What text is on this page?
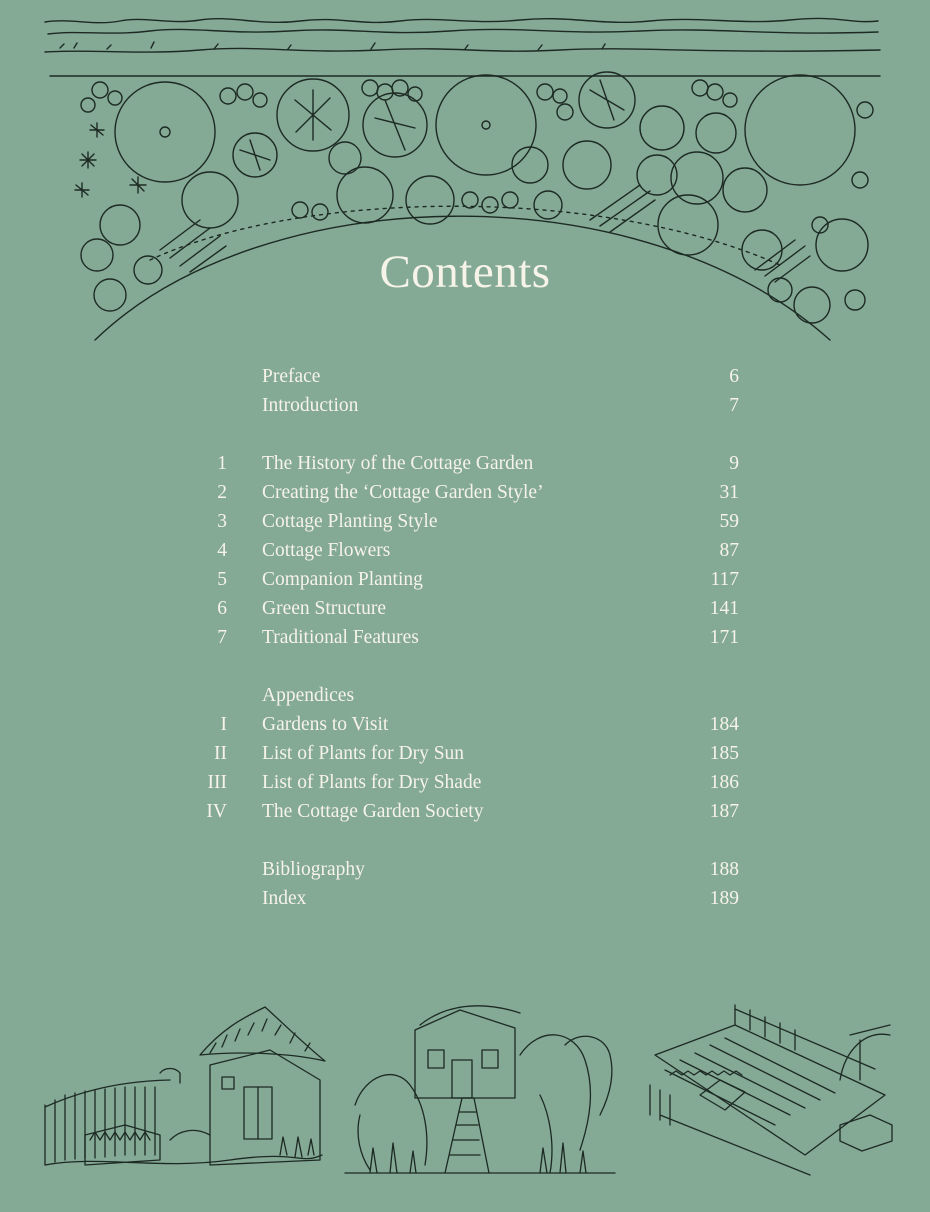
Contents
Preface	6
Introduction	7
1 The History of the Cottage Garden	9
2 Creating the ‘Cottage Garden Style’	31
3 Cottage Planting Style	59
4 Cottage Flowers	87
5 Companion Planting	117
6 Green Structure	141
7 Traditional Features	171
Appendices
I Gardens to Visit	184
II List of Plants for Dry Sun	185
III List of Plants for Dry Shade	186
IV The Cottage Garden Society	187
Bibliography	188
Index	189
